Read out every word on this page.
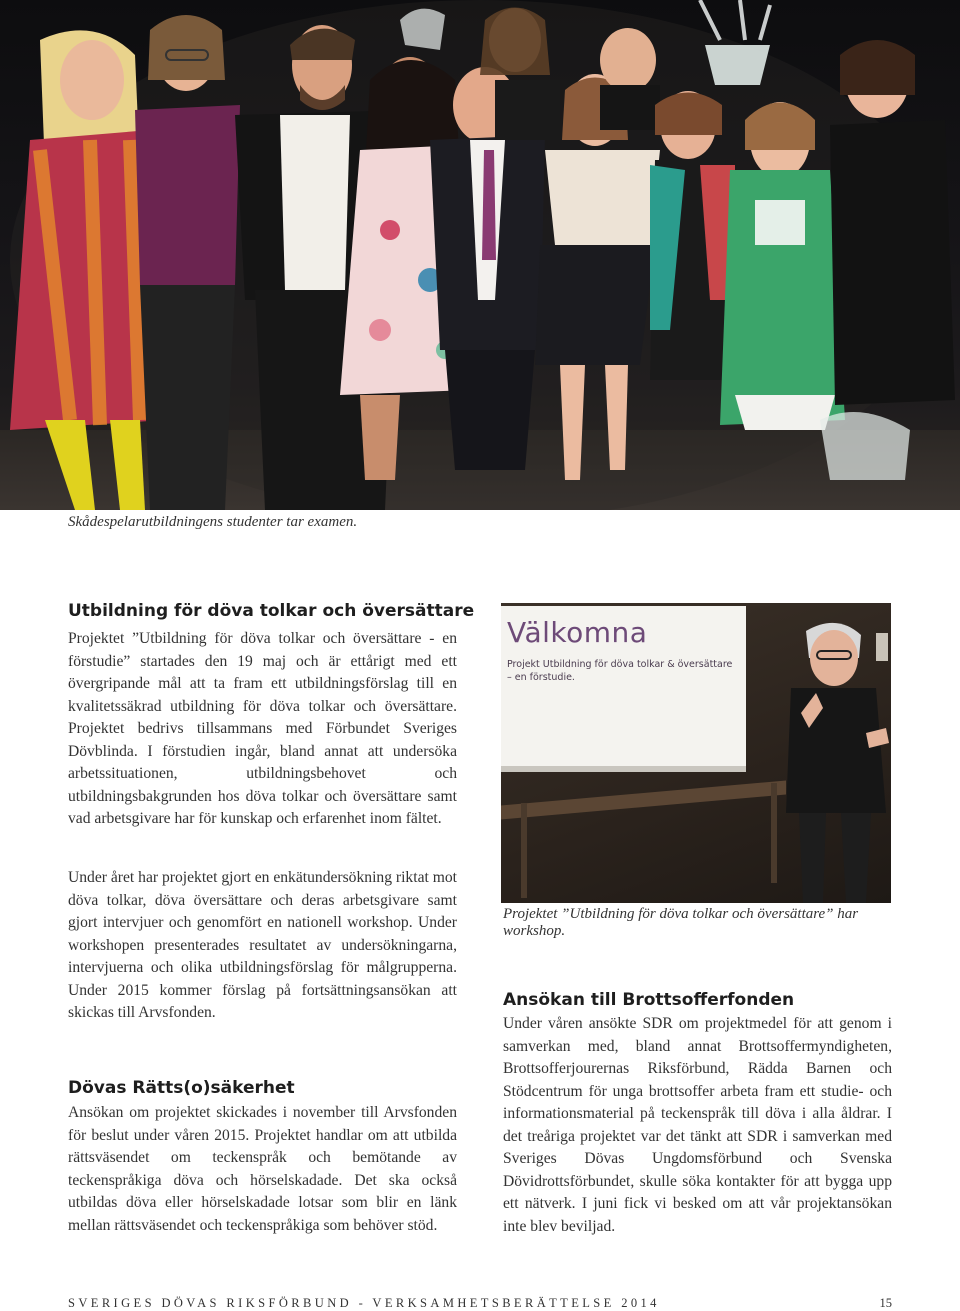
Skådespelarutbildningens studenter tar examen.
Utbildning för döva tolkar och översättare

Projektet ”Utbildning för döva tolkar och översättare - en förstudie” startades den 19 maj och är ettårigt med ett övergripande mål att ta fram ett utbildningsförslag till en kvalitetssäkrad utbildning för döva tolkar och översättare. Projektet bedrivs tillsammans med Förbundet Sveriges Dövblinda. I förstudien ingår, bland annat att undersöka arbetssituationen, utbildningsbehovet och utbildningsbakgrunden hos döva tolkar och översättare samt vad arbetsgivare har för kunskap och erfarenhet inom fältet.

Under året har projektet gjort en enkätundersökning riktat mot döva tolkar, döva översättare och deras arbetsgivare samt gjort intervjuer och genomfört en nationell workshop. Under workshopen presenterades resultatet av undersökningarna, intervjuerna och olika utbildningsförslag för målgrupperna. Under 2015 kommer förslag på fortsättningsansökan att skickas till Arvsfonden.

Dövas Rätts(o)säkerhet

Ansökan om projektet skickades i november till Arvsfonden för beslut under våren 2015. Projektet handlar om att utbilda rättsväsendet om teckenspråk och bemötande av teckenspråkiga döva och hörselskadade. Det ska också utbildas döva eller hörselskadade lotsar som blir en länk mellan rättsväsendet och teckenspråkiga som behöver stöd.

Välkomna
Projekt Utbildning för döva tolkar & översättare – en förstudie.
Projektet ”Utbildning för döva tolkar och översättare” har workshop.
Ansökan till Brottsofferfonden

Under våren ansökte SDR om projektmedel för att genom i samverkan med, bland annat Brottsoffermyndigheten, Brottsofferjourernas Riksförbund, Rädda Barnen och Stödcentrum för unga brottsoffer arbeta fram ett studie- och informationsmaterial på teckenspråk till döva i alla åldrar. I det treåriga projektet var det tänkt att SDR i samverkan med Sveriges Dövas Ungdomsförbund och Svenska Dövidrottsförbundet, skulle söka kontakter för att bygga upp ett nätverk. I juni fick vi besked om att vår projektansökan inte blev beviljad.

SVERIGES DÖVAS RIKSFÖRBUND - VERKSAMHETSBERÄTTELSE 2014	15
